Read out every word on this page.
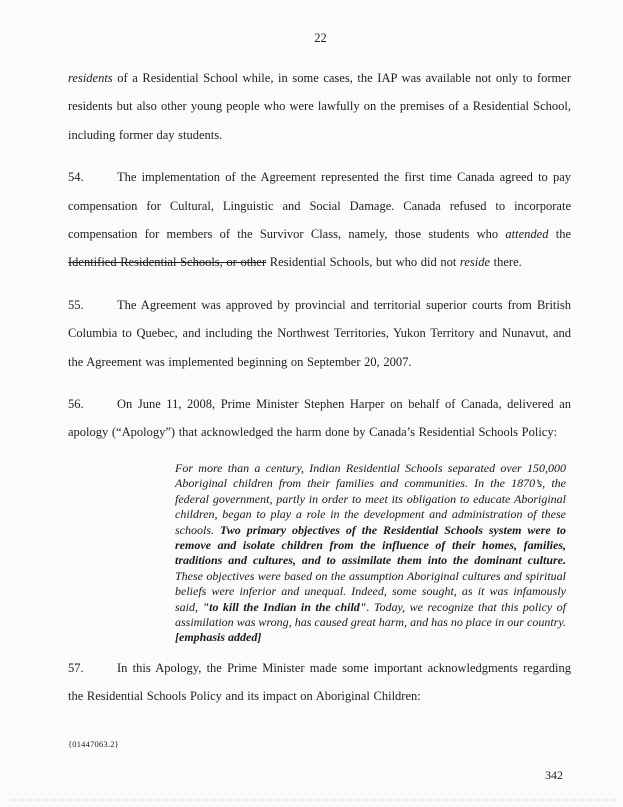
22

residents of a Residential School while, in some cases, the IAP was available not only to former residents but also other young people who were lawfully on the premises of a Residential School, including former day students.

54.	The implementation of the Agreement represented the first time Canada agreed to pay compensation for Cultural, Linguistic and Social Damage. Canada refused to incorporate compensation for members of the Survivor Class, namely, those students who attended the Identified Residential Schools, or other Residential Schools, but who did not reside there.

55.	The Agreement was approved by provincial and territorial superior courts from British Columbia to Quebec, and including the Northwest Territories, Yukon Territory and Nunavut, and the Agreement was implemented beginning on September 20, 2007.

56.	On June 11, 2008, Prime Minister Stephen Harper on behalf of Canada, delivered an apology (“Apology”) that acknowledged the harm done by Canada’s Residential Schools Policy:

For more than a century, Indian Residential Schools separated over 150,000 Aboriginal children from their families and communities. In the 1870’s, the federal government, partly in order to meet its obligation to educate Aboriginal children, began to play a role in the development and administration of these schools. Two primary objectives of the Residential Schools system were to remove and isolate children from the influence of their homes, families, traditions and cultures, and to assimilate them into the dominant culture. These objectives were based on the assumption Aboriginal cultures and spiritual beliefs were inferior and unequal. Indeed, some sought, as it was infamously said, "to kill the Indian in the child". Today, we recognize that this policy of assimilation was wrong, has caused great harm, and has no place in our country. [emphasis added]

57.	In this Apology, the Prime Minister made some important acknowledgments regarding the Residential Schools Policy and its impact on Aboriginal Children:

{01447063.2}
342
